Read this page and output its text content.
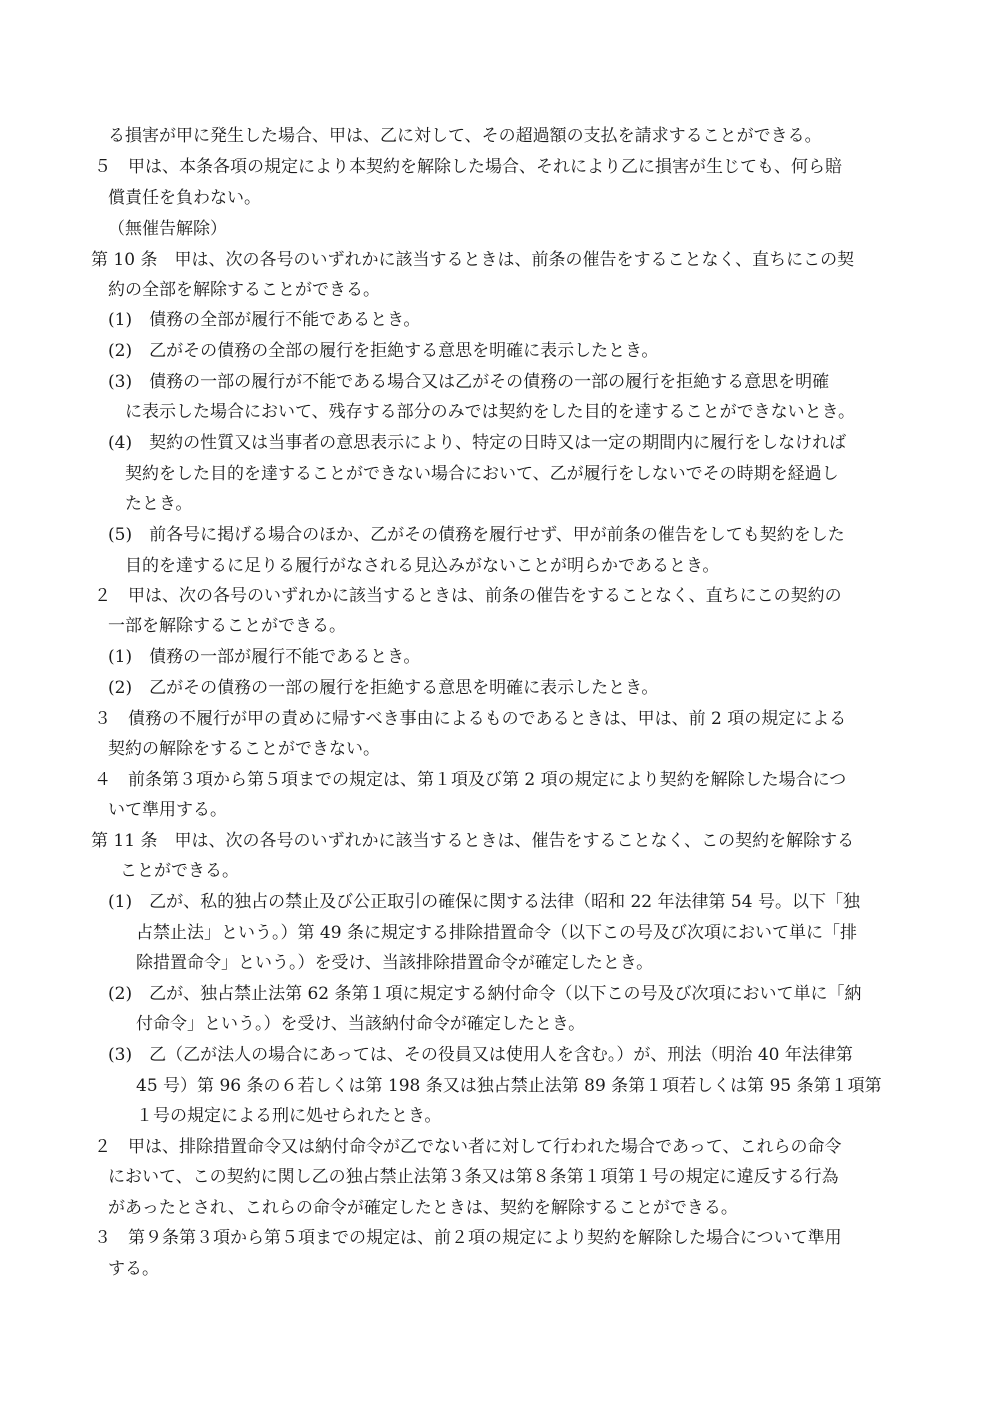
る損害が甲に発生した場合、甲は、乙に対して、その超過額の支払を請求することができる。
５　甲は、本条各項の規定により本契約を解除した場合、それにより乙に損害が生じても、何ら賠
償責任を負わない。
（無催告解除）
第 10 条　甲は、次の各号のいずれかに該当するときは、前条の催告をすることなく、直ちにこの契
約の全部を解除することができる。
(1)　債務の全部が履行不能であるとき。
(2)　乙がその債務の全部の履行を拒絶する意思を明確に表示したとき。
(3)　債務の一部の履行が不能である場合又は乙がその債務の一部の履行を拒絶する意思を明確
に表示した場合において、残存する部分のみでは契約をした目的を達することができないとき。
(4)　契約の性質又は当事者の意思表示により、特定の日時又は一定の期間内に履行をしなければ
契約をした目的を達することができない場合において、乙が履行をしないでその時期を経過し
たとき。
(5)　前各号に掲げる場合のほか、乙がその債務を履行せず、甲が前条の催告をしても契約をした
目的を達するに足りる履行がなされる見込みがないことが明らかであるとき。
２　甲は、次の各号のいずれかに該当するときは、前条の催告をすることなく、直ちにこの契約の
一部を解除することができる。
(1)　債務の一部が履行不能であるとき。
(2)　乙がその債務の一部の履行を拒絶する意思を明確に表示したとき。
３　債務の不履行が甲の責めに帰すべき事由によるものであるときは、甲は、前 2 項の規定による
契約の解除をすることができない。
４　前条第３項から第５項までの規定は、第１項及び第 2 項の規定により契約を解除した場合につ
いて準用する。
第 11 条　甲は、次の各号のいずれかに該当するときは、催告をすることなく、この契約を解除する
ことができる。
(1)　乙が、私的独占の禁止及び公正取引の確保に関する法律（昭和 22 年法律第 54 号。以下「独
占禁止法」という。）第 49 条に規定する排除措置命令（以下この号及び次項において単に「排
除措置命令」という。）を受け、当該排除措置命令が確定したとき。
(2)　乙が、独占禁止法第 62 条第１項に規定する納付命令（以下この号及び次項において単に「納
付命令」という。）を受け、当該納付命令が確定したとき。
(3)　乙（乙が法人の場合にあっては、その役員又は使用人を含む。）が、刑法（明治 40 年法律第
45 号）第 96 条の６若しくは第 198 条又は独占禁止法第 89 条第１項若しくは第 95 条第１項第
１号の規定による刑に処せられたとき。
２　甲は、排除措置命令又は納付命令が乙でない者に対して行われた場合であって、これらの命令
において、この契約に関し乙の独占禁止法第３条又は第８条第１項第１号の規定に違反する行為
があったとされ、これらの命令が確定したときは、契約を解除することができる。
３　第９条第３項から第５項までの規定は、前２項の規定により契約を解除した場合について準用
する。
